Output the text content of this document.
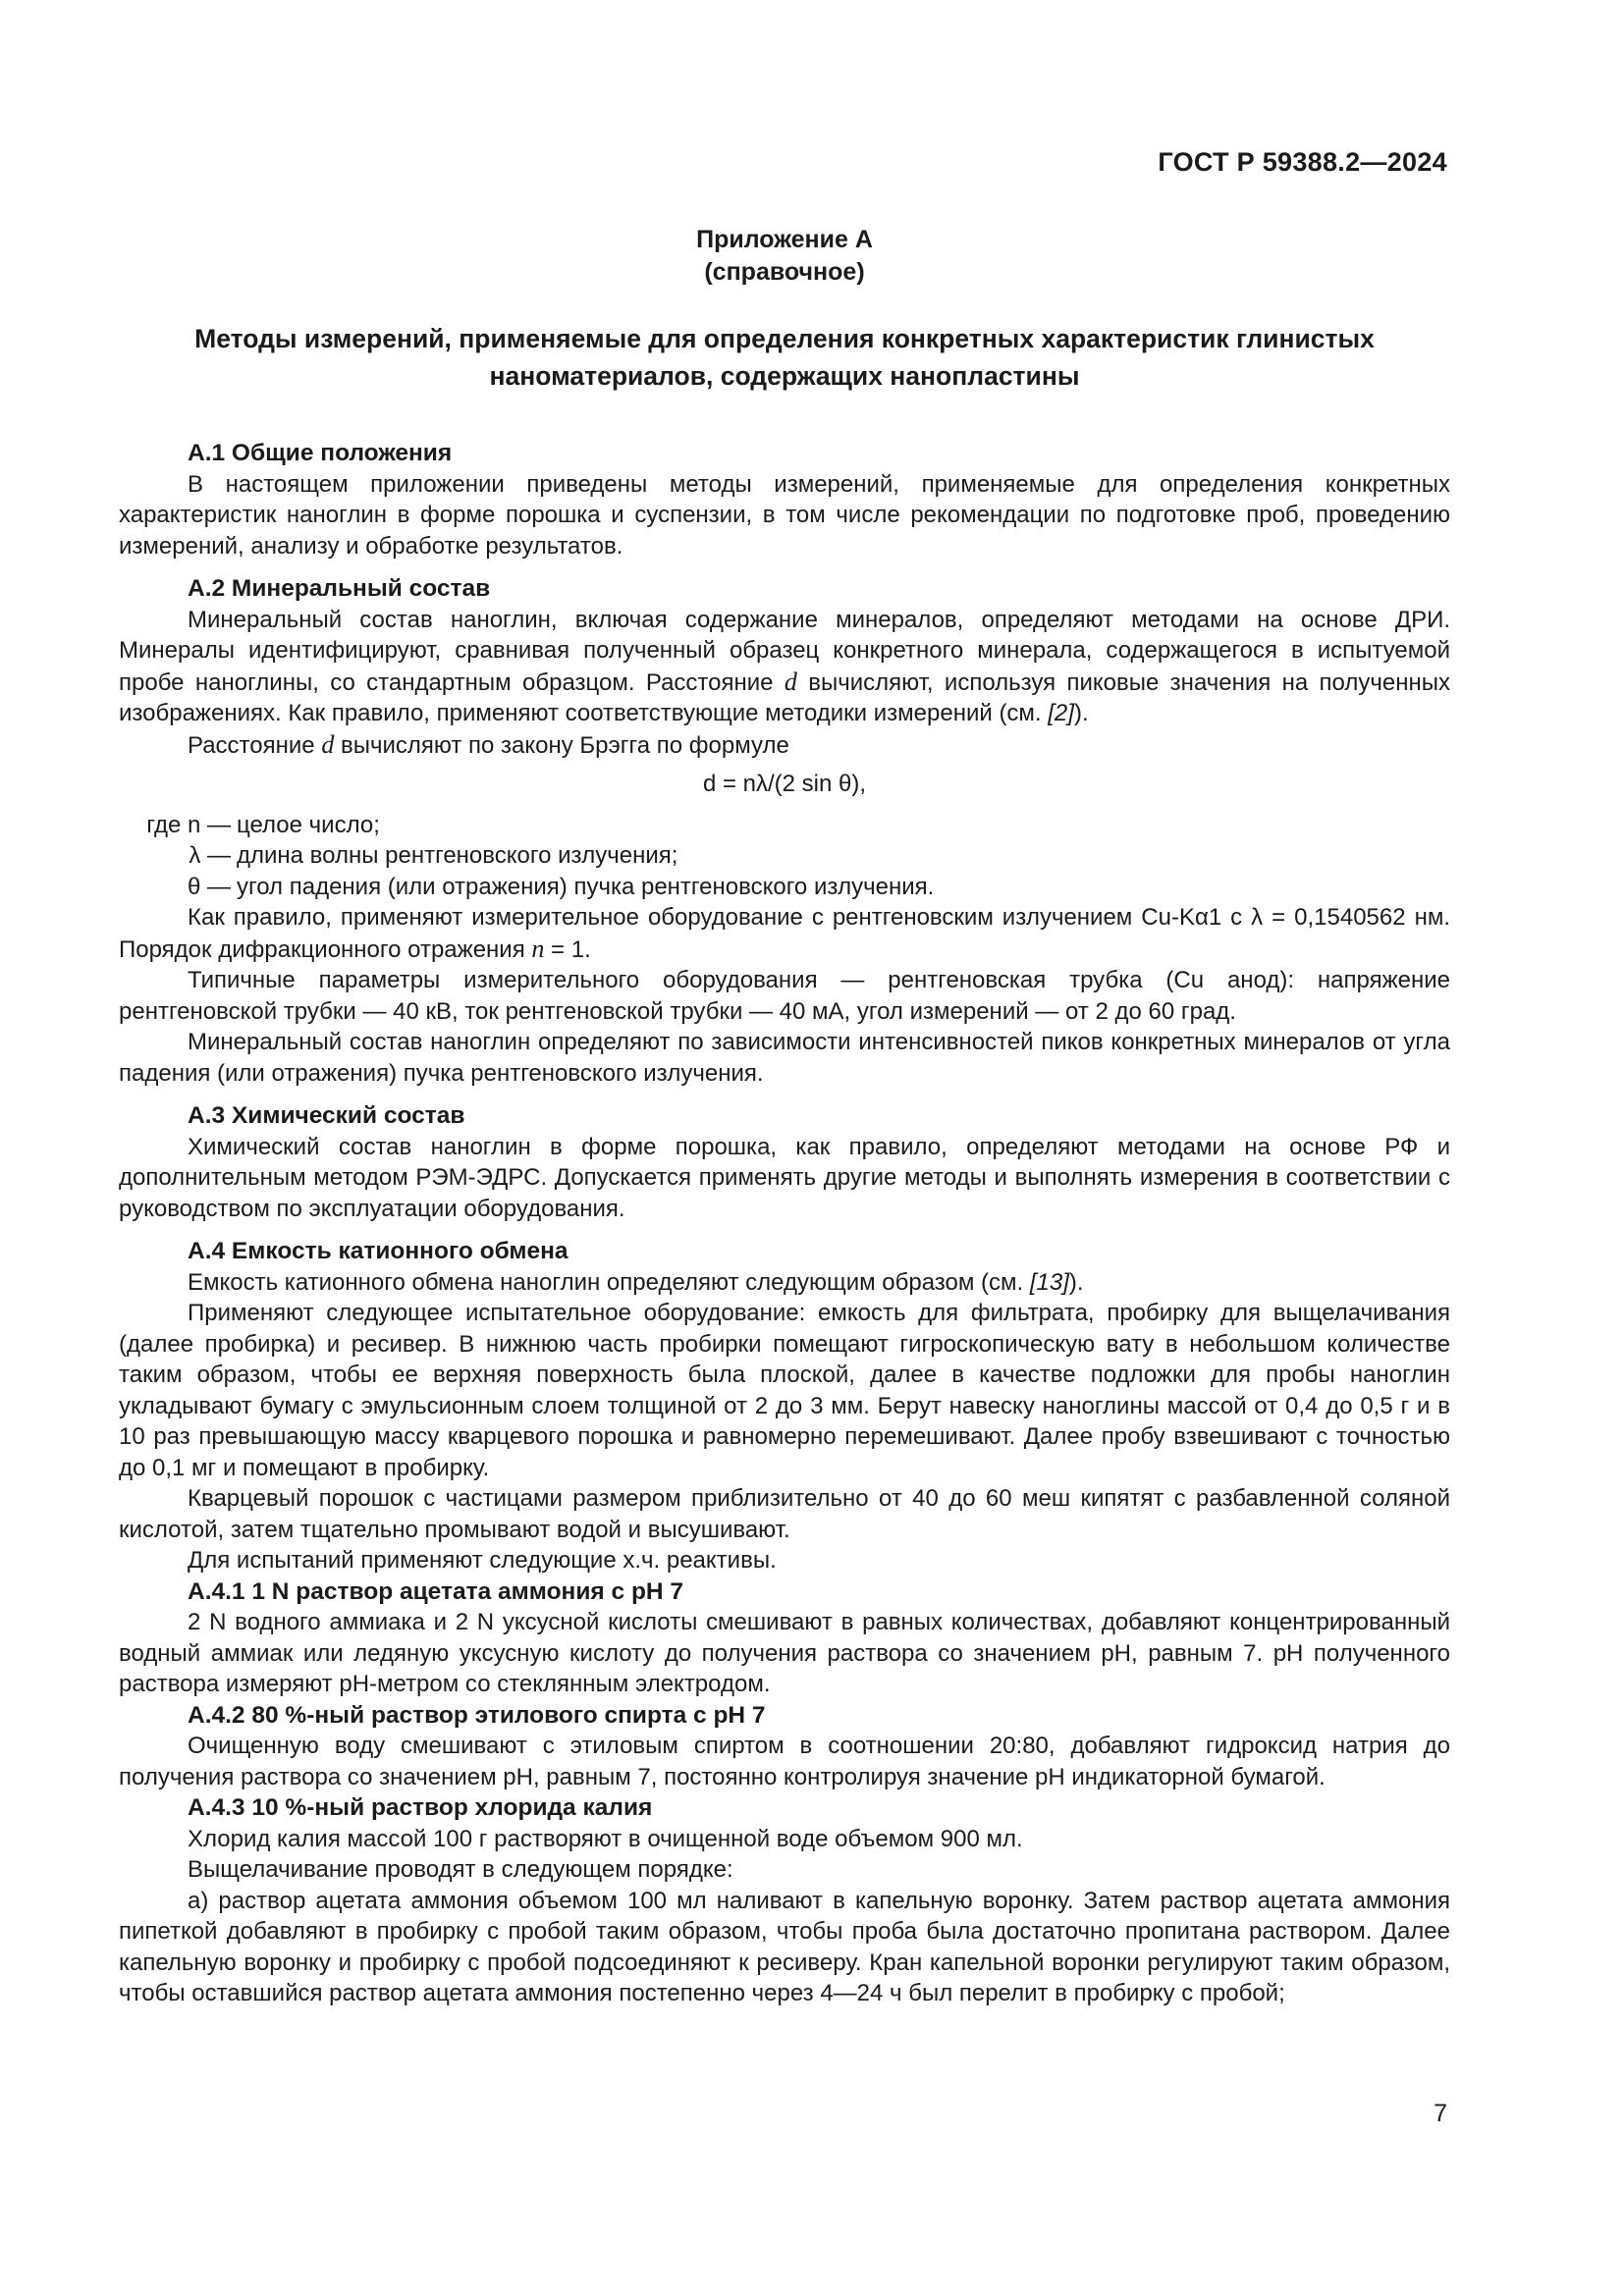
ГОСТ Р 59388.2—2024
Приложение А
(справочное)
Методы измерений, применяемые для определения конкретных характеристик глинистых
наноматериалов, содержащих нанопластины
А.1 Общие положения

В настоящем приложении приведены методы измерений, применяемые для определения конкретных характеристик наноглин в форме порошка и суспензии, в том числе рекомендации по подготовке проб, проведению измерений, анализу и обработке результатов.

А.2 Минеральный состав

Минеральный состав наноглин, включая содержание минералов, определяют методами на основе ДРИ. Минералы идентифицируют, сравнивая полученный образец конкретного минерала, содержащегося в испытуемой пробе наноглины, со стандартным образцом. Расстояние d вычисляют, используя пиковые значения на полученных изображениях. Как правило, применяют соответствующие методики измерений (см. [2]).

Расстояние d вычисляют по закону Брэгга по формуле

d = nλ/(2 sin θ),
где n — целое число;
λ — длина волны рентгеновского излучения;
θ — угол падения (или отражения) пучка рентгеновского излучения.

Как правило, применяют измерительное оборудование с рентгеновским излучением Cu-Kα1 с λ = 0,1540562 нм. Порядок дифракционного отражения n = 1.

Типичные параметры измерительного оборудования — рентгеновская трубка (Cu анод): напряжение рентгеновской трубки — 40 кВ, ток рентгеновской трубки — 40 мА, угол измерений — от 2 до 60 град.

Минеральный состав наноглин определяют по зависимости интенсивностей пиков конкретных минералов от угла падения (или отражения) пучка рентгеновского излучения.

А.3 Химический состав

Химический состав наноглин в форме порошка, как правило, определяют методами на основе РФ и дополнительным методом РЭМ-ЭДРС. Допускается применять другие методы и выполнять измерения в соответствии с руководством по эксплуатации оборудования.

А.4 Емкость катионного обмена

Емкость катионного обмена наноглин определяют следующим образом (см. [13]).

Применяют следующее испытательное оборудование: емкость для фильтрата, пробирку для выщелачивания (далее пробирка) и ресивер. В нижнюю часть пробирки помещают гигроскопическую вату в небольшом количестве таким образом, чтобы ее верхняя поверхность была плоской, далее в качестве подложки для пробы наноглин укладывают бумагу с эмульсионным слоем толщиной от 2 до 3 мм. Берут навеску наноглины массой от 0,4 до 0,5 г и в 10 раз превышающую массу кварцевого порошка и равномерно перемешивают. Далее пробу взвешивают с точностью до 0,1 мг и помещают в пробирку.

Кварцевый порошок с частицами размером приблизительно от 40 до 60 меш кипятят с разбавленной соляной кислотой, затем тщательно промывают водой и высушивают.

Для испытаний применяют следующие х.ч. реактивы.

А.4.1 1 N раствор ацетата аммония с pH 7

2 N водного аммиака и 2 N уксусной кислоты смешивают в равных количествах, добавляют концентрированный водный аммиак или ледяную уксусную кислоту до получения раствора со значением pH, равным 7. pH полученного раствора измеряют pH-метром со стеклянным электродом.

А.4.2 80 %-ный раствор этилового спирта с pH 7

Очищенную воду смешивают с этиловым спиртом в соотношении 20:80, добавляют гидроксид натрия до получения раствора со значением pH, равным 7, постоянно контролируя значение pH индикаторной бумагой.

А.4.3 10 %-ный раствор хлорида калия

Хлорид калия массой 100 г растворяют в очищенной воде объемом 900 мл.

Выщелачивание проводят в следующем порядке:

а) раствор ацетата аммония объемом 100 мл наливают в капельную воронку. Затем раствор ацетата аммония пипеткой добавляют в пробирку с пробой таким образом, чтобы проба была достаточно пропитана раствором. Далее капельную воронку и пробирку с пробой подсоединяют к ресиверу. Кран капельной воронки регулируют таким образом, чтобы оставшийся раствор ацетата аммония постепенно через 4—24 ч был перелит в пробирку с пробой;

7
